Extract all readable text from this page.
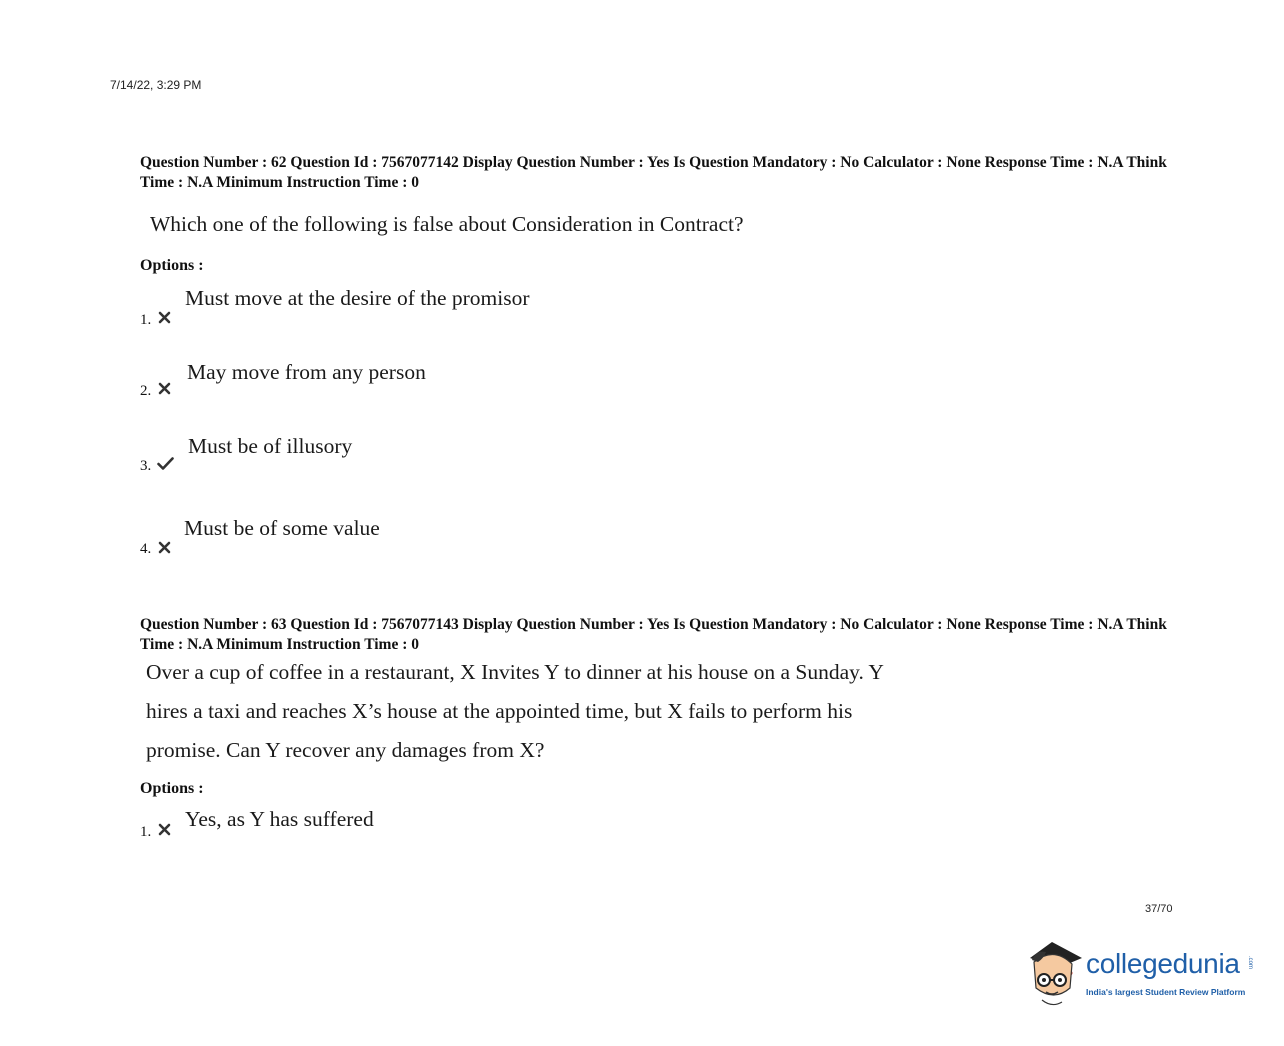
7/14/22, 3:29 PM
Question Number : 62 Question Id : 7567077142 Display Question Number : Yes Is Question Mandatory : No Calculator : None Response Time : N.A Think Time : N.A Minimum Instruction Time : 0
Which one of the following is false about Consideration in Contract?
Options :
1.
Must move at the desire of the promisor
2.
May move from any person
3.
Must be of illusory
4.
Must be of some value
Question Number : 63 Question Id : 7567077143 Display Question Number : Yes Is Question Mandatory : No Calculator : None Response Time : N.A Think Time : N.A Minimum Instruction Time : 0
Over a cup of coffee in a restaurant, X Invites Y to dinner at his house on a Sunday. Y
hires a taxi and reaches X’s house at the appointed time, but X fails to perform his
promise. Can Y recover any damages from X?
Options :
1.
Yes, as Y has suffered
37/70
collegedunia .com
India's largest Student Review Platform
